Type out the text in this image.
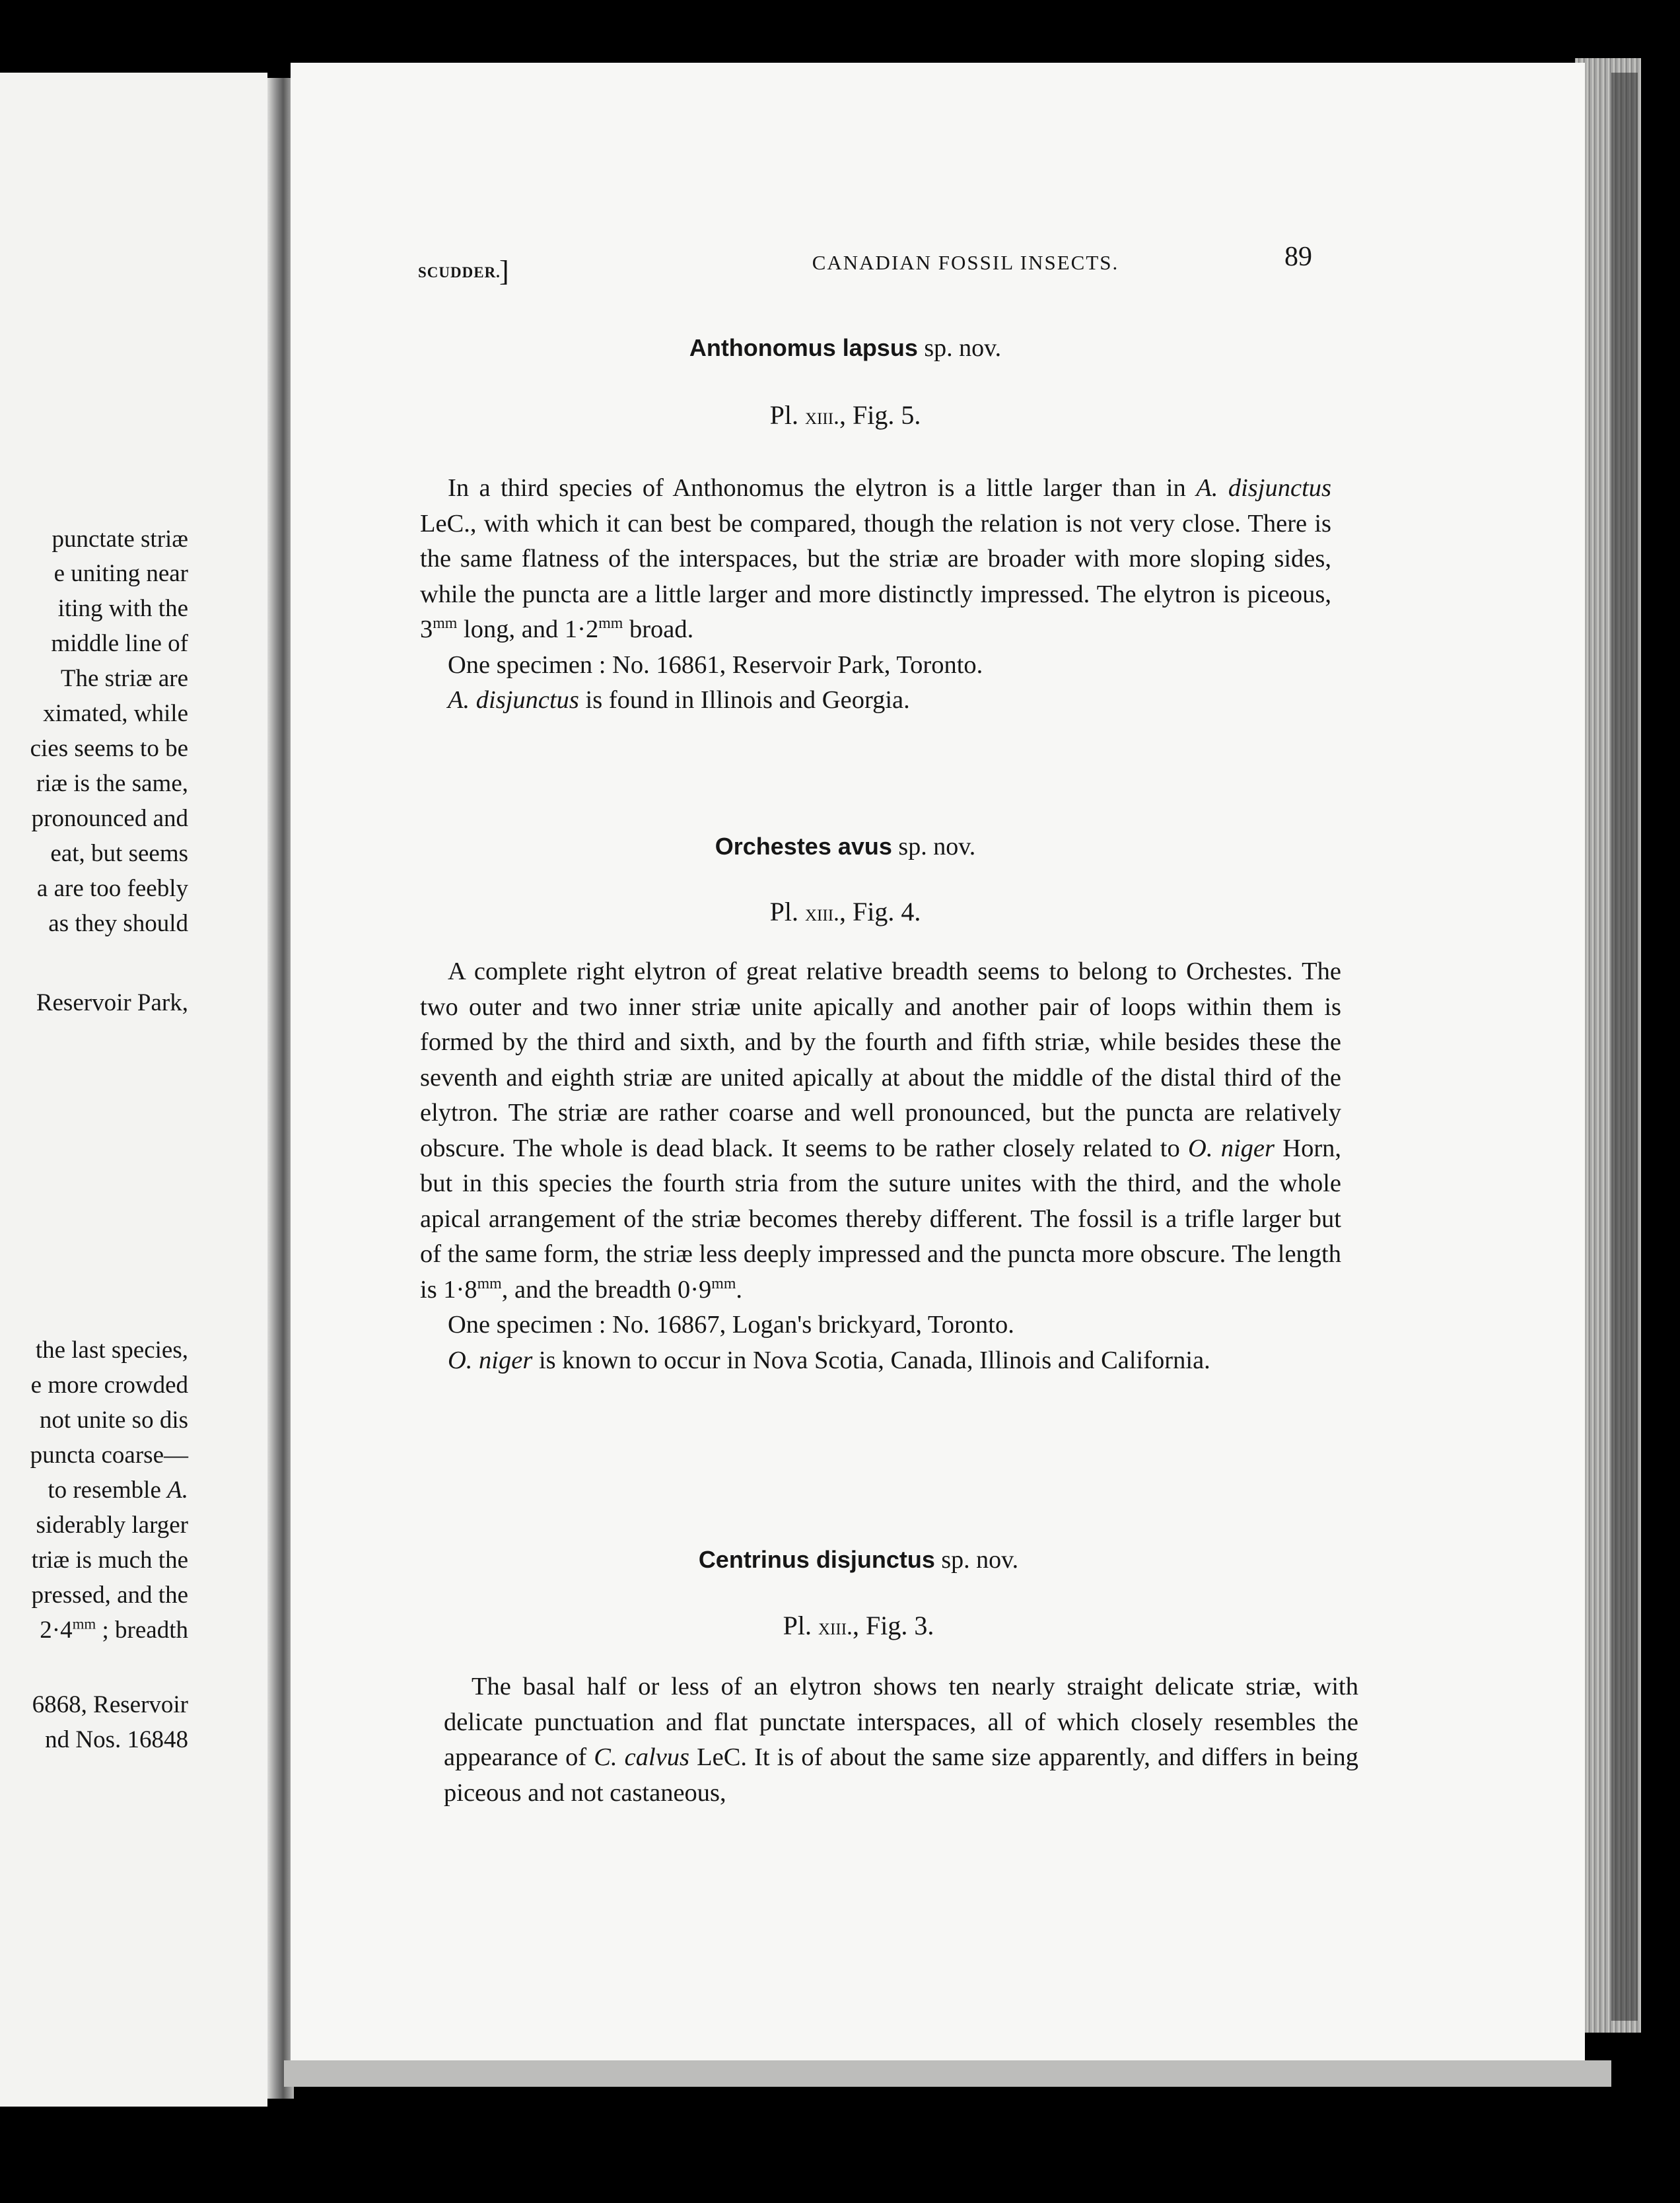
punctate striæ
e uniting near
iting with the
middle line of
The striæ are
ximated, while
cies seems to be
riæ is the same,
pronounced and
eat, but seems
a are too feebly
as they should
Reservoir Park,
the last species,
e more crowded
not unite so dis
puncta coarse—
to resemble A.
siderably larger
triæ is much the
pressed, and the
$2\cdot 4^{mm}$ ; breadth
6868, Reservoir
nd Nos. 16848
SCUDDER.
]	CANADIAN FOSSIL INSECTS.	89
Anthonomus lapsus sp. nov.
Pl. xiii., Fig. 5.

In a third species of Anthonomus the elytron is a little larger than in A. disjunctus LeC., with which it can best be compared, though the relation is not very close. There is the same flatness of the interspaces, but the striæ are broader with more sloping sides, while the puncta are a little larger and more distinctly impressed. The elytron is piceous, $3^{mm}$ long, and $1\cdot 2^{mm}$ broad.

One specimen : No. 16861, Reservoir Park, Toronto.

A. disjunctus is found in Illinois and Georgia.

Orchestes avus sp. nov.
Pl. xiii., Fig. 4.

A complete right elytron of great relative breadth seems to belong to Orchestes. The two outer and two inner striæ unite apically and another pair of loops within them is formed by the third and sixth, and by the fourth and fifth striæ, while besides these the seventh and eighth striæ are united apically at about the middle of the distal third of the elytron. The striæ are rather coarse and well pronounced, but the puncta are relatively obscure. The whole is dead black. It seems to be rather closely related to O. niger Horn, but in this species the fourth stria from the suture unites with the third, and the whole apical arrangement of the striæ becomes thereby different. The fossil is a trifle larger but of the same form, the striæ less deeply impressed and the puncta more obscure. The length is $1\cdot 8^{mm}$, and the breadth $0\cdot 9^{mm}$.

One specimen : No. 16867, Logan's brickyard, Toronto.

O. niger is known to occur in Nova Scotia, Canada, Illinois and California.

Centrinus disjunctus sp. nov.
Pl. xiii., Fig. 3.

The basal half or less of an elytron shows ten nearly straight delicate striæ, with delicate punctuation and flat punctate interspaces, all of which closely resembles the appearance of C. calvus LeC. It is of about the same size apparently, and differs in being piceous and not castaneous,
